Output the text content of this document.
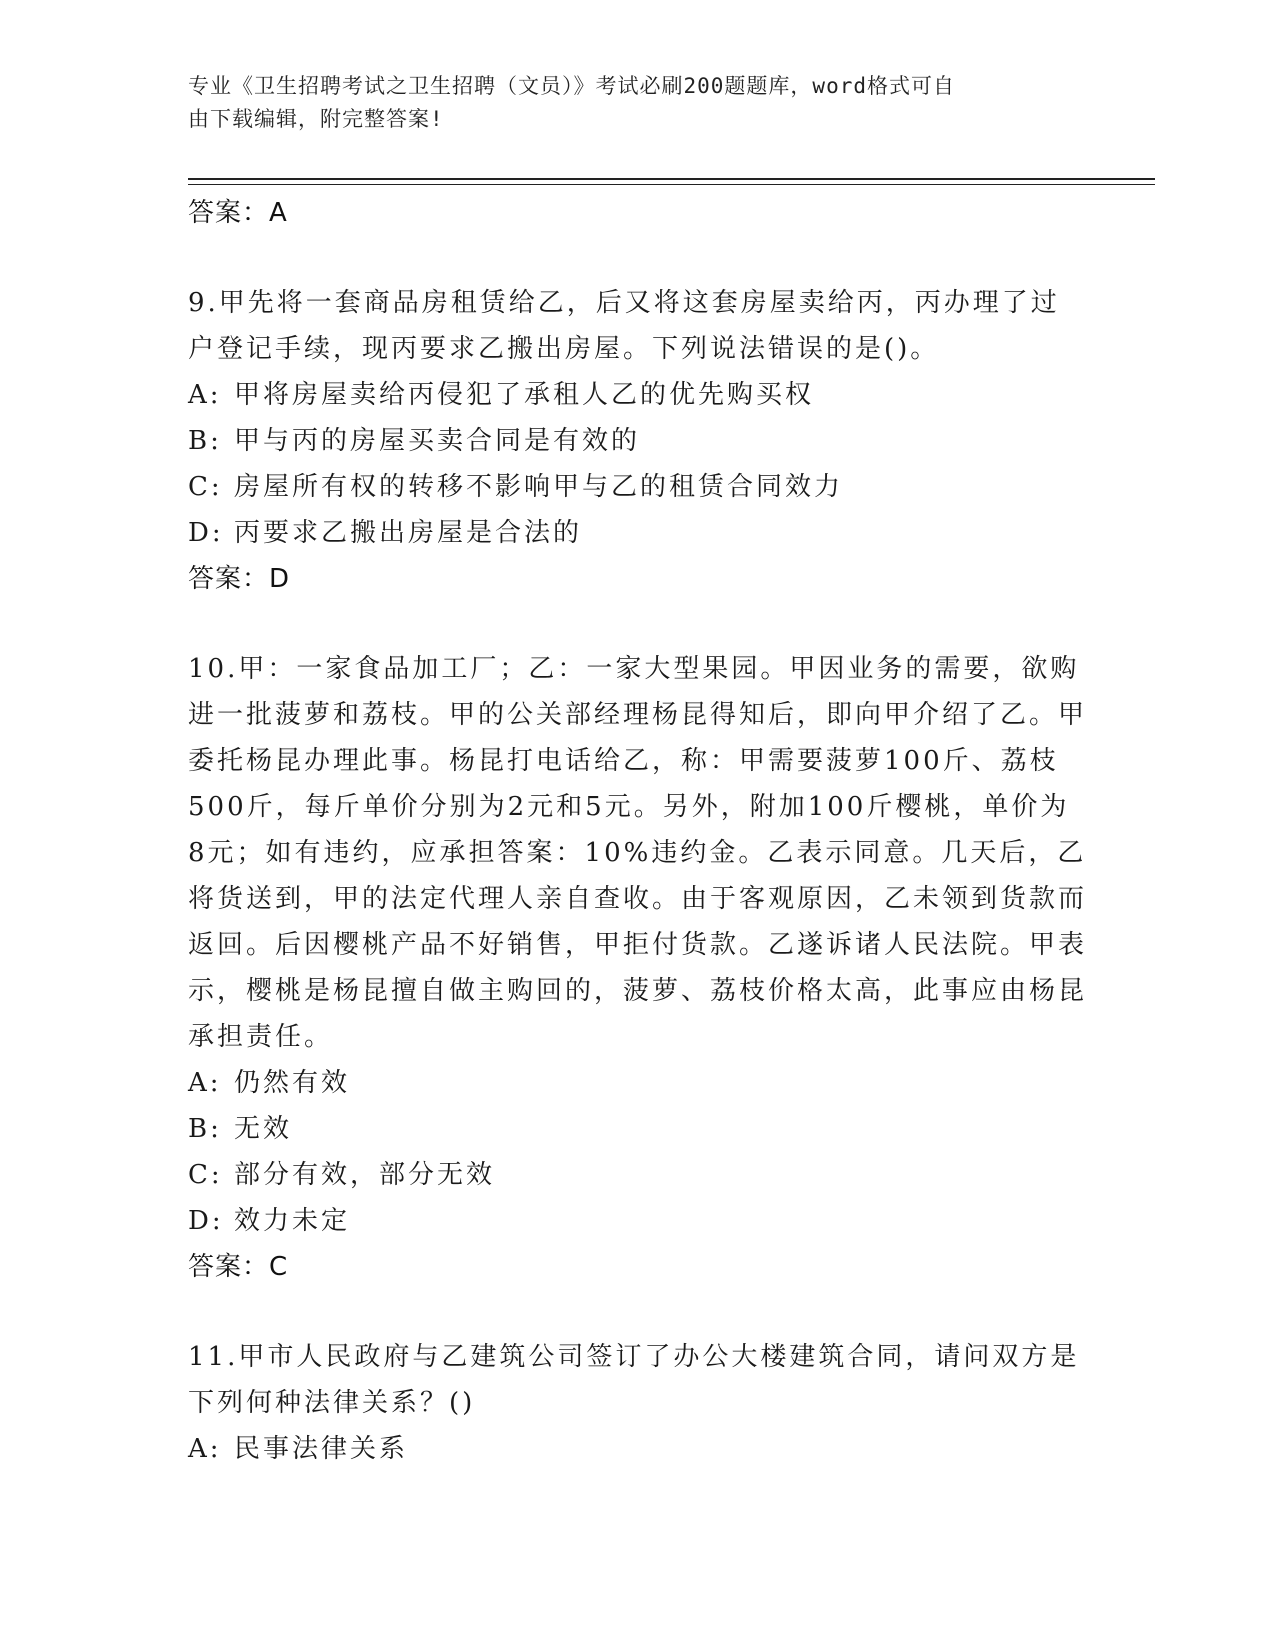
专业《卫生招聘考试之卫生招聘（文员）》考试必刷200题题库，word格式可自
由下载编辑，附完整答案!
答案：A

9.甲先将一套商品房租赁给乙，后又将这套房屋卖给丙，丙办理了过户登记手续，现丙要求乙搬出房屋。下列说法错误的是()。

A: 甲将房屋卖给丙侵犯了承租人乙的优先购买权
B: 甲与丙的房屋买卖合同是有效的
C: 房屋所有权的转移不影响甲与乙的租赁合同效力
D: 丙要求乙搬出房屋是合法的
答案：D

10.甲：一家食品加工厂；乙：一家大型果园。甲因业务的需要，欲购进一批菠萝和荔枝。甲的公关部经理杨昆得知后，即向甲介绍了乙。甲委托杨昆办理此事。杨昆打电话给乙，称：甲需要菠萝100斤、荔枝500斤，每斤单价分别为2元和5元。另外，附加100斤樱桃，单价为8元；如有违约，应承担答案：10%违约金。乙表示同意。几天后，乙将货送到，甲的法定代理人亲自查收。由于客观原因，乙未领到货款而返回。后因樱桃产品不好销售，甲拒付货款。乙遂诉诸人民法院。甲表示，樱桃是杨昆擅自做主购回的，菠萝、荔枝价格太高，此事应由杨昆承担责任。

A: 仍然有效
B: 无效
C: 部分有效，部分无效
D: 效力未定
答案：C

11.甲市人民政府与乙建筑公司签订了办公大楼建筑合同，请问双方是下列何种法律关系？()

A: 民事法律关系
